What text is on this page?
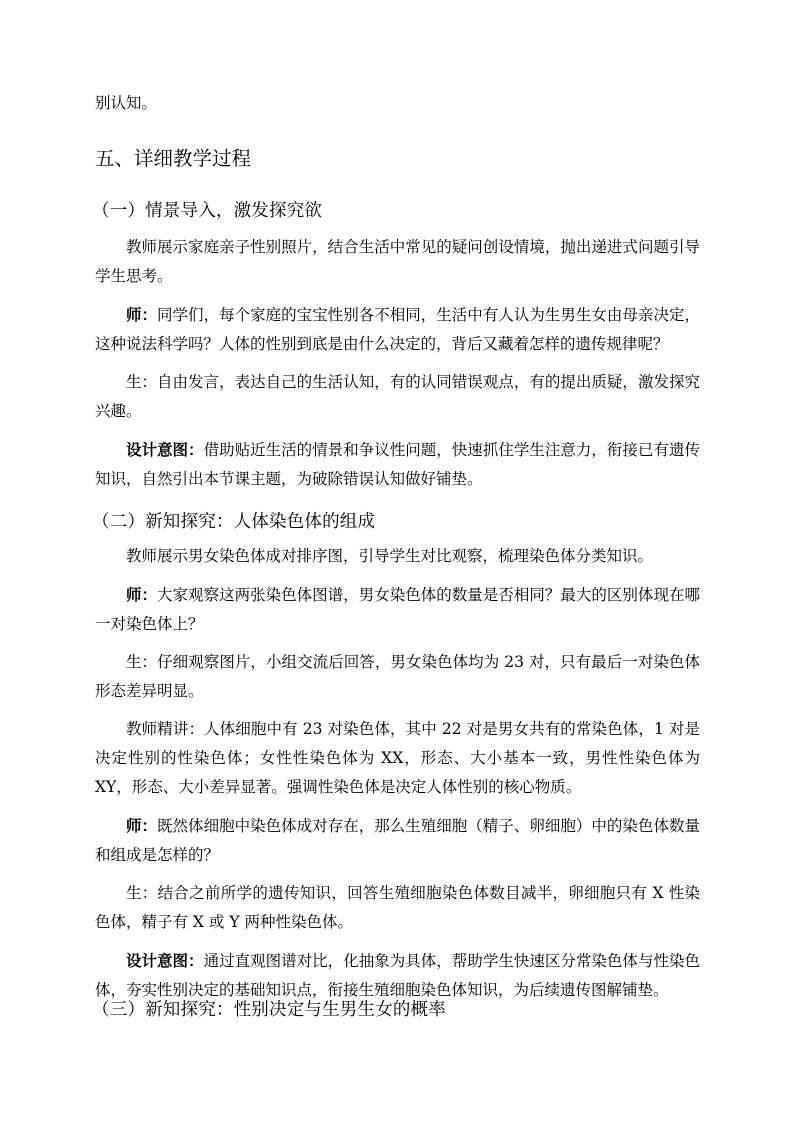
别认知。

五、详细教学过程
（一）情景导入，激发探究欲

教师展示家庭亲子性别照片，结合生活中常见的疑问创设情境，抛出递进式问题引导学生思考。

师：同学们，每个家庭的宝宝性别各不相同，生活中有人认为生男生女由母亲决定，这种说法科学吗？人体的性别到底是由什么决定的，背后又藏着怎样的遗传规律呢？

生：自由发言，表达自己的生活认知，有的认同错误观点，有的提出质疑，激发探究兴趣。

设计意图：借助贴近生活的情景和争议性问题，快速抓住学生注意力，衔接已有遗传知识，自然引出本节课主题，为破除错误认知做好铺垫。

（二）新知探究：人体染色体的组成

教师展示男女染色体成对排序图，引导学生对比观察，梳理染色体分类知识。

师：大家观察这两张染色体图谱，男女染色体的数量是否相同？最大的区别体现在哪一对染色体上？

生：仔细观察图片，小组交流后回答，男女染色体均为 23 对，只有最后一对染色体形态差异明显。

教师精讲：人体细胞中有 23 对染色体，其中 22 对是男女共有的常染色体，1 对是决定性别的性染色体；女性性染色体为 XX，形态、大小基本一致，男性性染色体为XY，形态、大小差异显著。强调性染色体是决定人体性别的核心物质。

师：既然体细胞中染色体成对存在，那么生殖细胞（精子、卵细胞）中的染色体数量和组成是怎样的？

生：结合之前所学的遗传知识，回答生殖细胞染色体数目减半，卵细胞只有 X 性染色体，精子有 X 或 Y 两种性染色体。

设计意图：通过直观图谱对比，化抽象为具体，帮助学生快速区分常染色体与性染色体，夯实性别决定的基础知识点，衔接生殖细胞染色体知识，为后续遗传图解铺垫。

（三）新知探究：性别决定与生男生女的概率
